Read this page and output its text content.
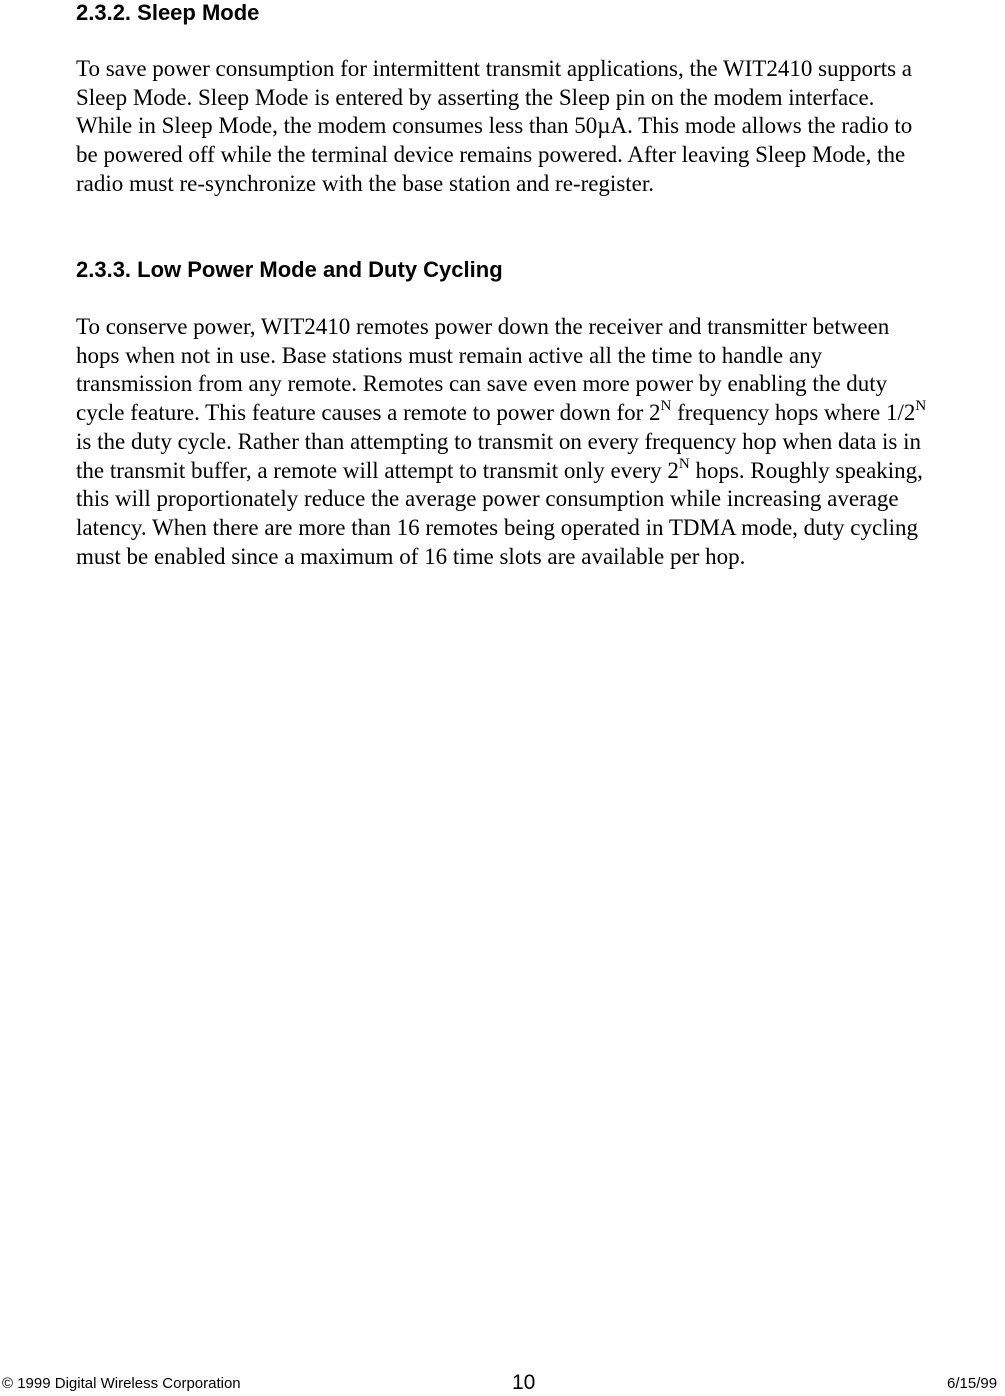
2.3.2. Sleep Mode
To save power consumption for intermittent transmit applications, the WIT2410 supports a
Sleep Mode. Sleep Mode is entered by asserting the Sleep pin on the modem interface.
While in Sleep Mode, the modem consumes less than 50µA. This mode allows the radio to
be powered off while the terminal device remains powered. After leaving Sleep Mode, the
radio must re-synchronize with the base station and re-register.
2.3.3. Low Power Mode and Duty Cycling
To conserve power, WIT2410 remotes power down the receiver and transmitter between
hops when not in use. Base stations must remain active all the time to handle any
transmission from any remote. Remotes can save even more power by enabling the duty
cycle feature. This feature causes a remote to power down for $2^N$ frequency hops where $1/2^N$
is the duty cycle. Rather than attempting to transmit on every frequency hop when data is in
the transmit buffer, a remote will attempt to transmit only every $2^N$ hops. Roughly speaking,
this will proportionately reduce the average power consumption while increasing average
latency. When there are more than 16 remotes being operated in TDMA mode, duty cycling
must be enabled since a maximum of 16 time slots are available per hop.
© 1999 Digital Wireless Corporation	10	6/15/99
